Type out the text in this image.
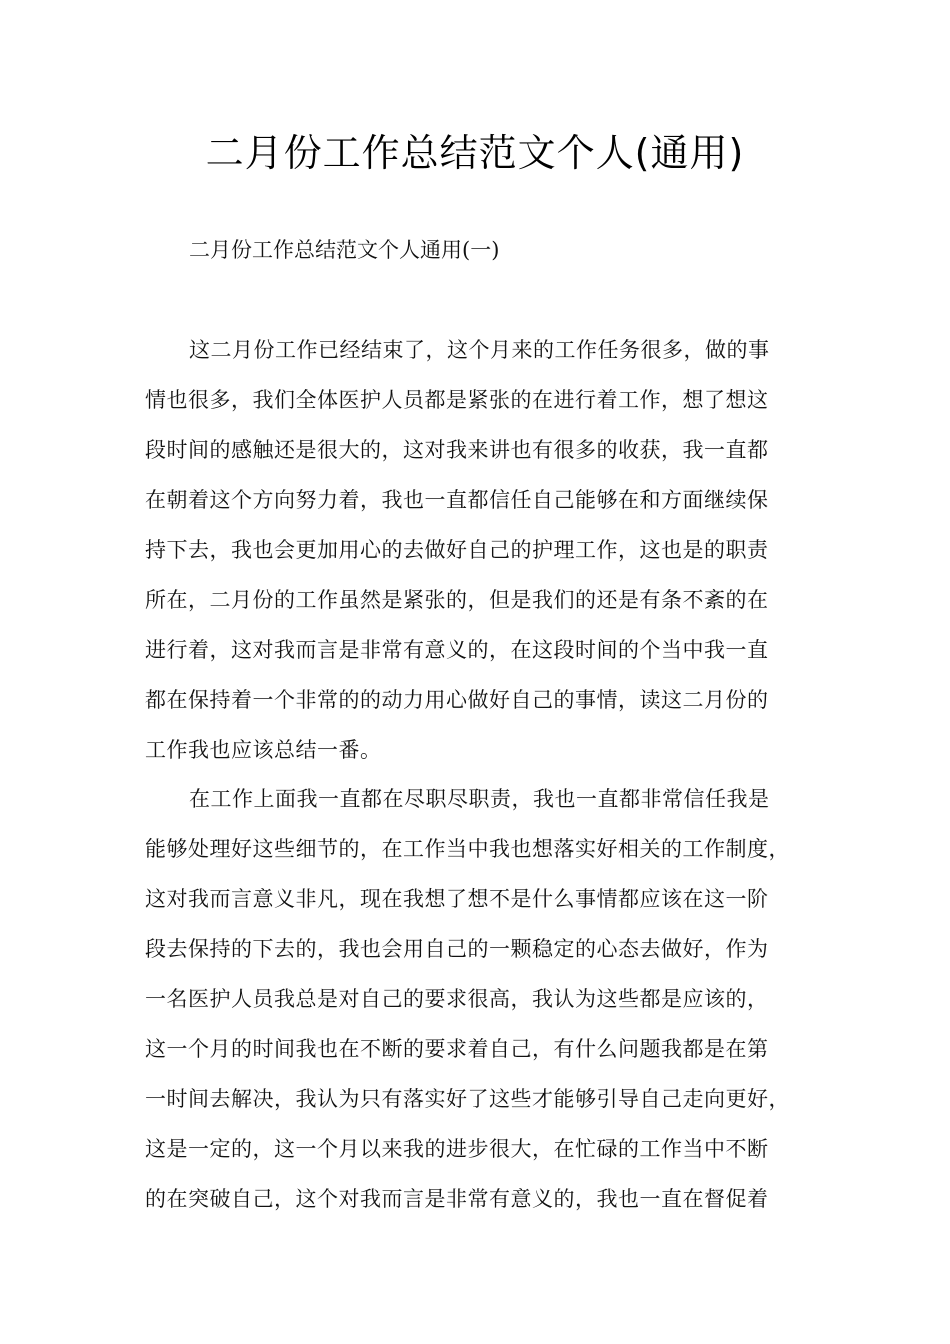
二月份工作总结范文个人(通用)

二月份工作总结范文个人通用(一)

这二月份工作已经结束了，这个月来的工作任务很多，做的事
情也很多，我们全体医护人员都是紧张的在进行着工作，想了想这
段时间的感触还是很大的，这对我来讲也有很多的收获，我一直都
在朝着这个方向努力着，我也一直都信任自己能够在和方面继续保
持下去，我也会更加用心的去做好自己的护理工作，这也是的职责
所在，二月份的工作虽然是紧张的，但是我们的还是有条不紊的在
进行着，这对我而言是非常有意义的，在这段时间的个当中我一直
都在保持着一个非常的的动力用心做好自己的事情，读这二月份的
工作我也应该总结一番。
在工作上面我一直都在尽职尽职责，我也一直都非常信任我是
能够处理好这些细节的，在工作当中我也想落实好相关的工作制度，
这对我而言意义非凡，现在我想了想不是什么事情都应该在这一阶
段去保持的下去的，我也会用自己的一颗稳定的心态去做好，作为
一名医护人员我总是对自己的要求很高，我认为这些都是应该的，
这一个月的时间我也在不断的要求着自己，有什么问题我都是在第
一时间去解决，我认为只有落实好了这些才能够引导自己走向更好，
这是一定的，这一个月以来我的进步很大，在忙碌的工作当中不断
的在突破自己，这个对我而言是非常有意义的，我也一直在督促着
